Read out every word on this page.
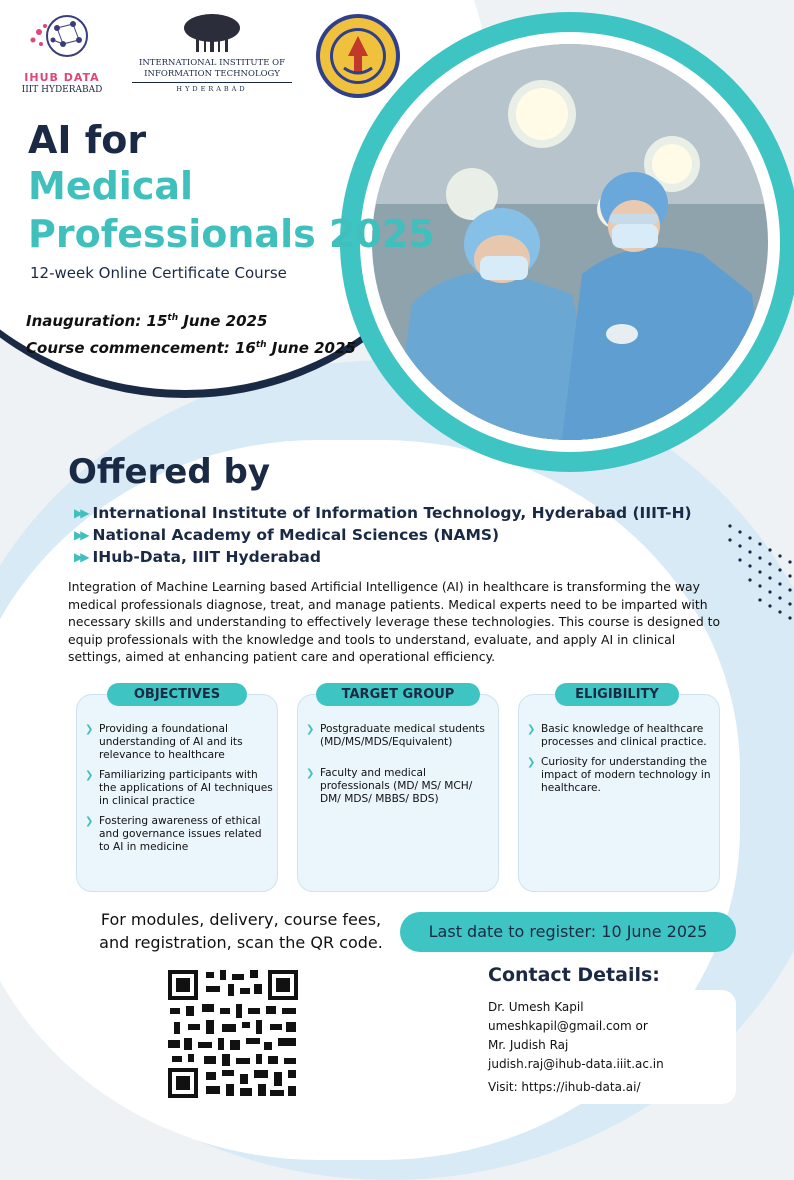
IHUB DATA
IIIT HYDERABAD
INTERNATIONAL INSTITUTE OF
INFORMATION TECHNOLOGY
HYDERABAD
AI for
Medical
Professionals 2025
12-week Online Certificate Course
Inauguration: 15th June 2025
Course commencement: 16th June 2025
Offered by
▶▶ International Institute of Information Technology, Hyderabad (IIIT-H)
▶▶ National Academy of Medical Sciences (NAMS)
▶▶ IHub-Data, IIIT Hyderabad

Integration of Machine Learning based Artificial Intelligence (AI) in healthcare is transforming the way medical professionals diagnose, treat, and manage patients. Medical experts need to be imparted with necessary skills and understanding to effectively leverage these technologies. This course is designed to equip professionals with the knowledge and tools to understand, evaluate, and apply AI in clinical settings, aimed at enhancing patient care and operational efficiency.

OBJECTIVES
❯ Providing a foundational understanding of AI and its relevance to healthcare
❯ Familiarizing participants with the applications of AI techniques in clinical practice
❯ Fostering awareness of ethical and governance issues related to AI in medicine
TARGET GROUP
❯ Postgraduate medical students (MD/MS/MDS/Equivalent)
❯ Faculty and medical professionals (MD/ MS/ MCH/ DM/ MDS/ MBBS/ BDS)
ELIGIBILITY
❯ Basic knowledge of healthcare processes and clinical practice.
❯ Curiosity for understanding the impact of modern technology in healthcare.
For modules, delivery, course fees,
and registration, scan the QR code.
Last date to register: 10 June 2025
Contact Details:
Dr. Umesh Kapil
umeshkapil@gmail.com or
Mr. Judish Raj
judish.raj@ihub-data.iiit.ac.in
Visit: https://ihub-data.ai/
